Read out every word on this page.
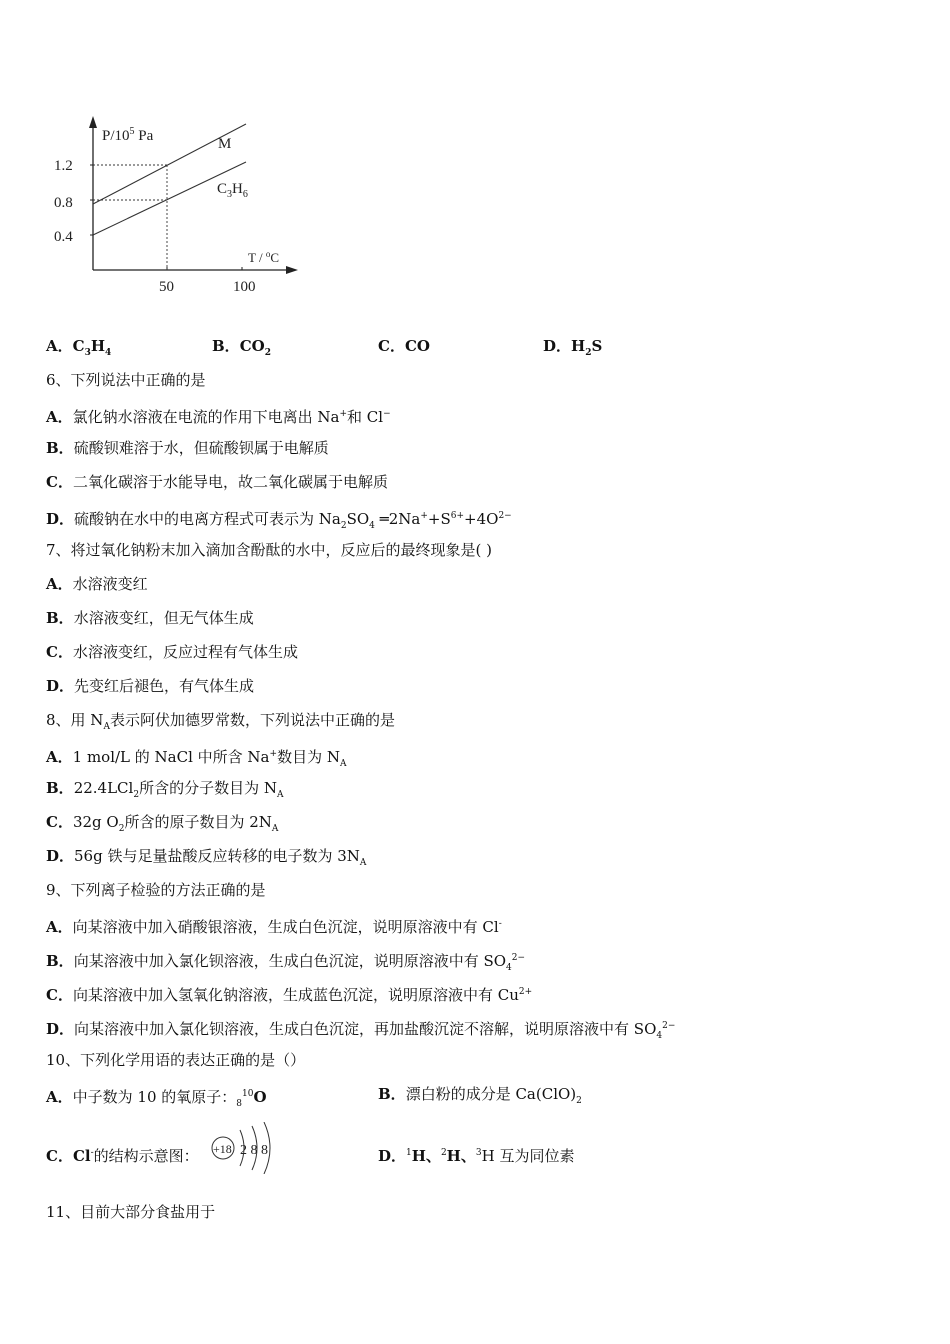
$P/10^5$ Pa
T / $^o$C
1.2
0.8
0.4
50	100
M
$C_3H_6$
A．$C_3H_4$	B．$CO_2$	C．CO	D．$H_2S$
6、下列说法中正确的是
A．氯化钠水溶液在电流的作用下电离出 Na+和 Cl−
B．硫酸钡难溶于水，但硫酸钡属于电解质
C．二氧化碳溶于水能导电，故二氧化碳属于电解质
D．硫酸钠在水中的电离方程式可表示为 $Na_2SO_4$ $═2Na^++S^{6+}+4O^{2-}$
7、将过氧化钠粉末加入滴加含酚酞的水中，反应后的最终现象是( )
A．水溶液变红
B．水溶液变红，但无气体生成
C．水溶液变红，反应过程有气体生成
D．先变红后褪色，有气体生成
8、用 $N_A$表示阿伏加德罗常数，下列说法中正确的是
A．1 mol/L 的 NaCl 中所含 Na+数目为 $N_A$
B．22.4LCl$_2$所含的分子数目为 $N_A$
C．32g $O_2$所含的原子数目为 $2N_A$
D．56g 铁与足量盐酸反应转移的电子数为 $3N_A$
9、下列离子检验的方法正确的是
A．向某溶液中加入硝酸银溶液，生成白色沉淀，说明原溶液中有 Cl-
B．向某溶液中加入氯化钡溶液，生成白色沉淀，说明原溶液中有 $SO_4^{2-}$
C．向某溶液中加入氢氧化钠溶液，生成蓝色沉淀，说明原溶液中有 $Cu^{2+}$
D．向某溶液中加入氯化钡溶液，生成白色沉淀，再加盐酸沉淀不溶解，说明原溶液中有 $SO_4^{2-}$
10、下列化学用语的表达正确的是（）
A．中子数为 10 的氧原子：$_8^{10}$O	B．漂白粉的成分是 $Ca(ClO)_2$
C．Cl-的结构示意图： +18 2 8 8	D．$^1$H、$^2$H、$^3$H 互为同位素
11、目前大部分食盐用于
